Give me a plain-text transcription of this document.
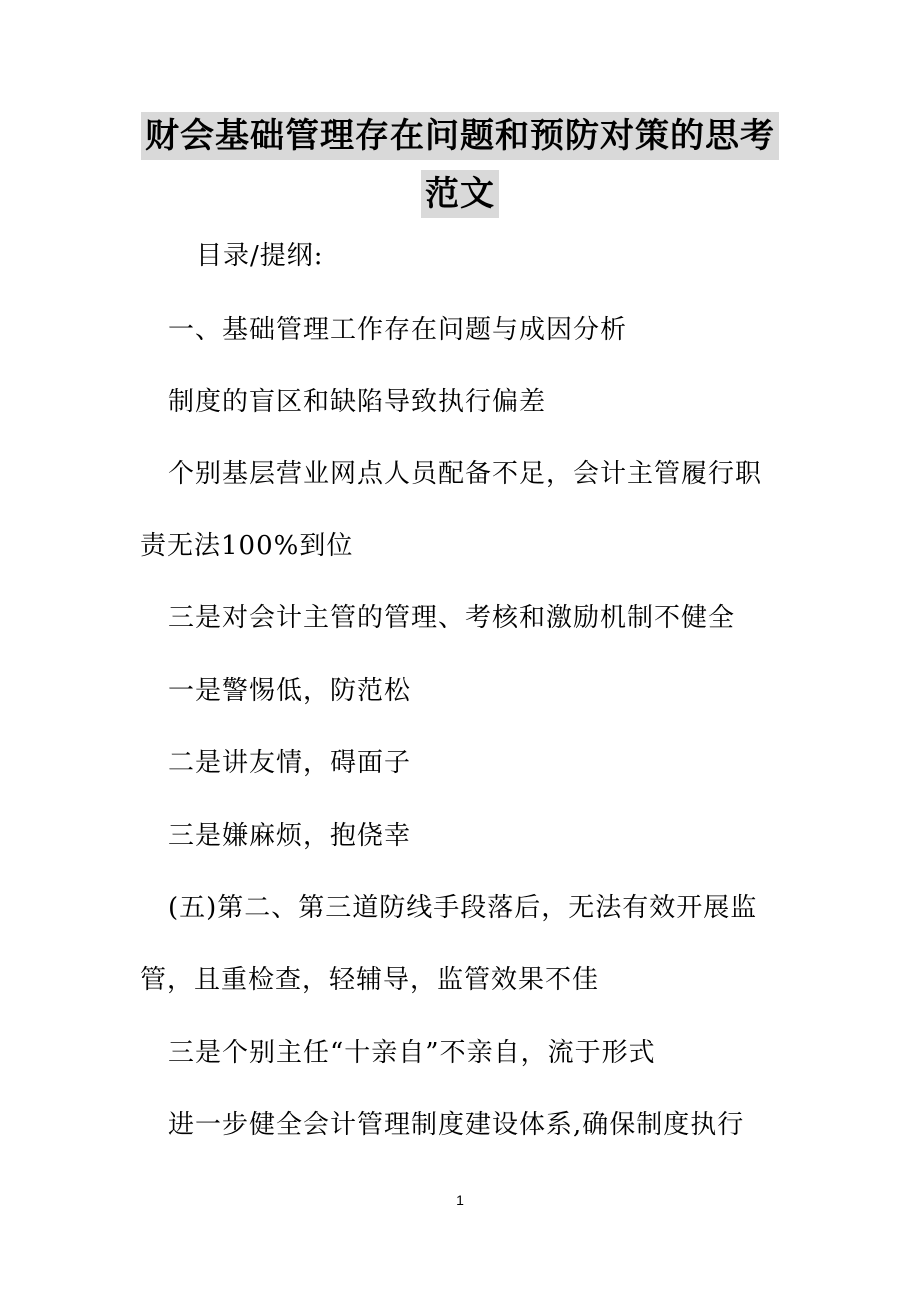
财会基础管理存在问题和预防对策的思考
范文
目录/提纲:
一、基础管理工作存在问题与成因分析
制度的盲区和缺陷导致执行偏差
个别基层营业网点人员配备不足，会计主管履行职
责无法100%到位
三是对会计主管的管理、考核和激励机制不健全
一是警惕低，防范松
二是讲友情，碍面子
三是嫌麻烦，抱侥幸
(五)第二、第三道防线手段落后，无法有效开展监
管，且重检查，轻辅导，监管效果不佳
三是个别主任“十亲自”不亲自，流于形式
进一步健全会计管理制度建设体系,确保制度执行
1
